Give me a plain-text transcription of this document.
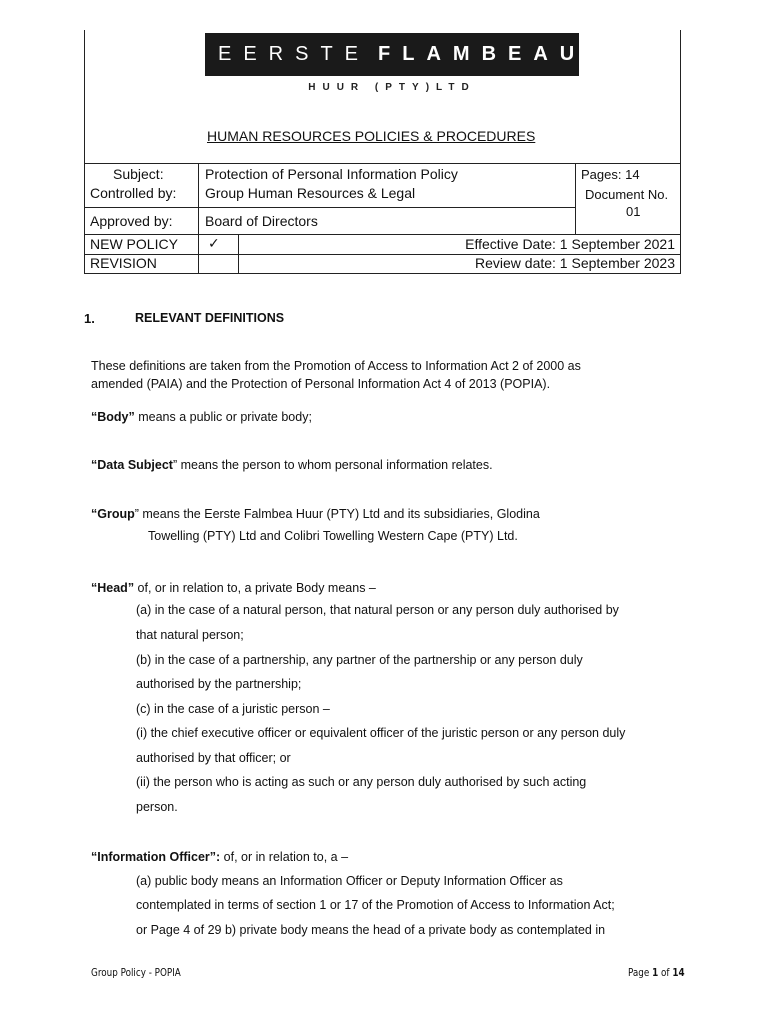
EERSTE FLAMBEAU
HUUR (PTY)LTD
HUMAN RESOURCES POLICIES & PROCEDURES
Subject:	Protection of Personal Information Policy	Pages: 14
Controlled by: Group Human Resources & Legal	Document No.
01
Approved by: Board of Directors
NEW POLICY ✓	Effective Date: 1 September 2021
REVISION	Review date: 1 September 2023
1.	RELEVANT DEFINITIONS
These definitions are taken from the Promotion of Access to Information Act 2 of 2000 as
amended (PAIA) and the Protection of Personal Information Act 4 of 2013 (POPIA).
“Body” means a public or private body;
“Data Subject” means the person to whom personal information relates.
“Group” means the Eerste Falmbea Huur (PTY) Ltd and its subsidiaries, Glodina
Towelling (PTY) Ltd and Colibri Towelling Western Cape (PTY) Ltd.
“Head” of, or in relation to, a private Body means –
(a) in the case of a natural person, that natural person or any person duly authorised by
that natural person;
(b) in the case of a partnership, any partner of the partnership or any person duly
authorised by the partnership;
(c) in the case of a juristic person –
(i) the chief executive officer or equivalent officer of the juristic person or any person duly
authorised by that officer; or
(ii) the person who is acting as such or any person duly authorised by such acting
person.
“Information Officer”: of, or in relation to, a –
(a) public body means an Information Officer or Deputy Information Officer as
contemplated in terms of section 1 or 17 of the Promotion of Access to Information Act;
or Page 4 of 29 b) private body means the head of a private body as contemplated in
Group Policy - POPIA	Page 1 of 14
